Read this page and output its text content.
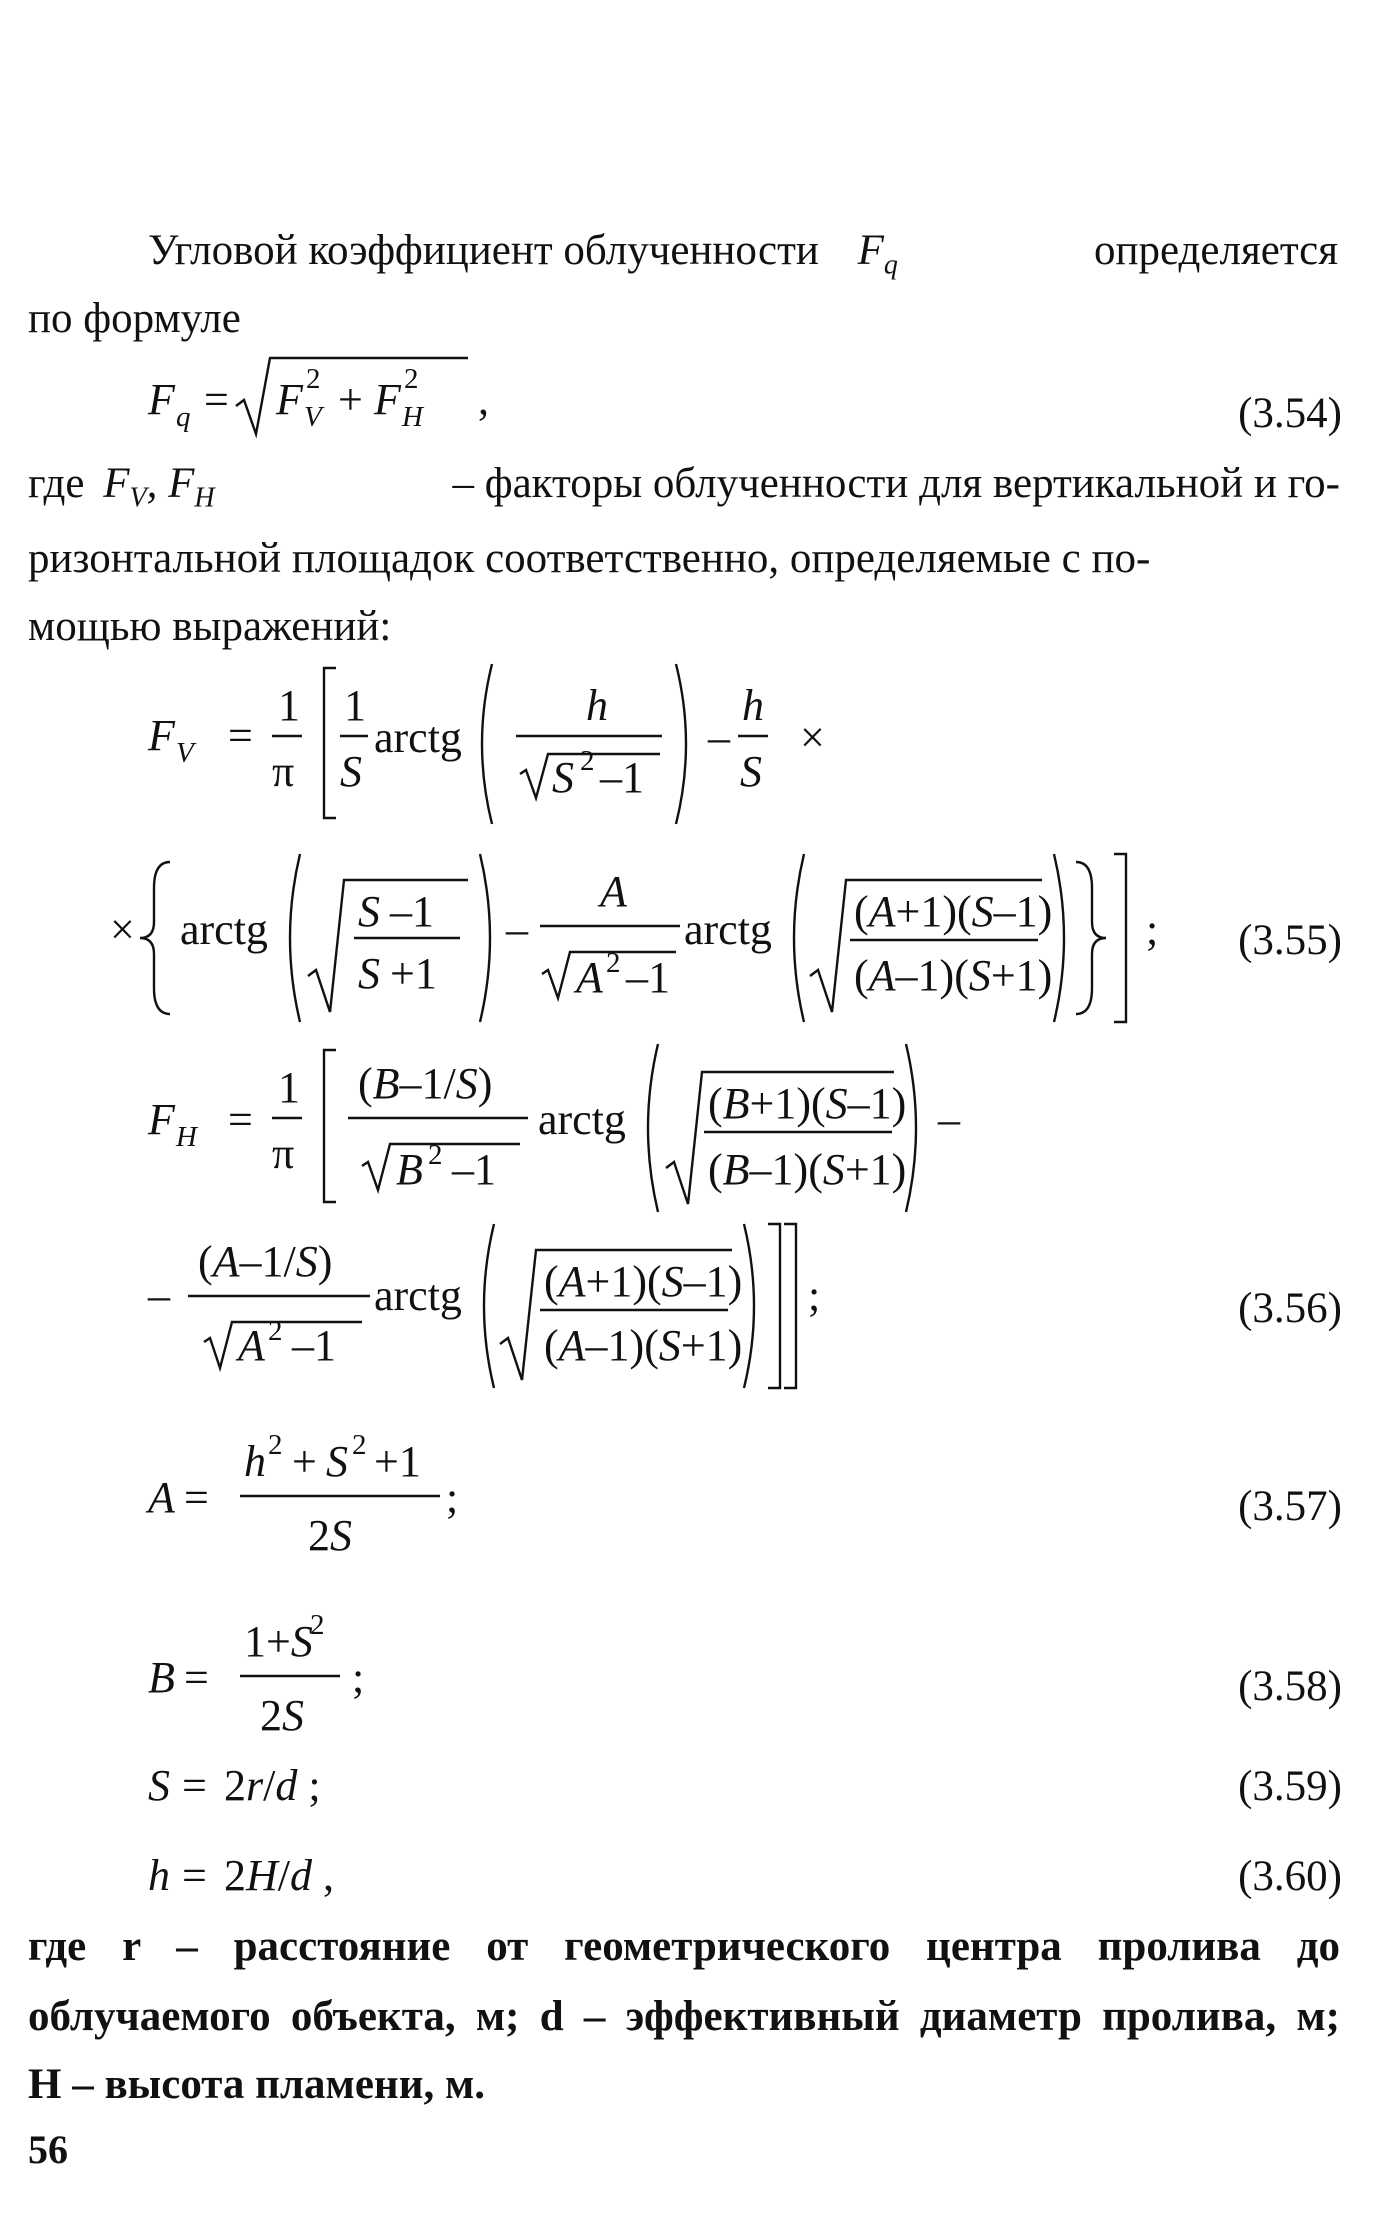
Угловой коэффициент облученности $F_q$	определяется
по формуле
F q = F V
2 + F H
2 ,	(3.54)
где $F_V$, $F_H$	– факторы облученности для вертикальной и го-
ризонтальной площадок соответственно, определяемые с по-
мощью выражений:
F V =
1
π
1
S
arctg
h
S 2 –1
–
h
S
×
× arctg S –1
S +1
–
A
A 2 –1
arctg (A+1)(S–1)
(A–1)(S+1)
; (3.55)
F H =
1
π
(B–1/S)
B 2 –1
arctg (B+1)(S–1)
(B–1)(S+1)
–
–
(A–1/S)
A 2 –1
arctg (A+1)(S–1)
(A–1)(S+1)
;	(3.56)
A =
h 2 + S 2 +1
2S
;	(3.57)
B =
1+S
2
2S
;	(3.58)
S = 2r/d ;	(3.59)
h = 2H/d ,	(3.60)
где r – расстояние от геометрического центра пролива до
облучаемого объекта, м; d – эффективный диаметр пролива, м;
H – высота пламени, м.
56
